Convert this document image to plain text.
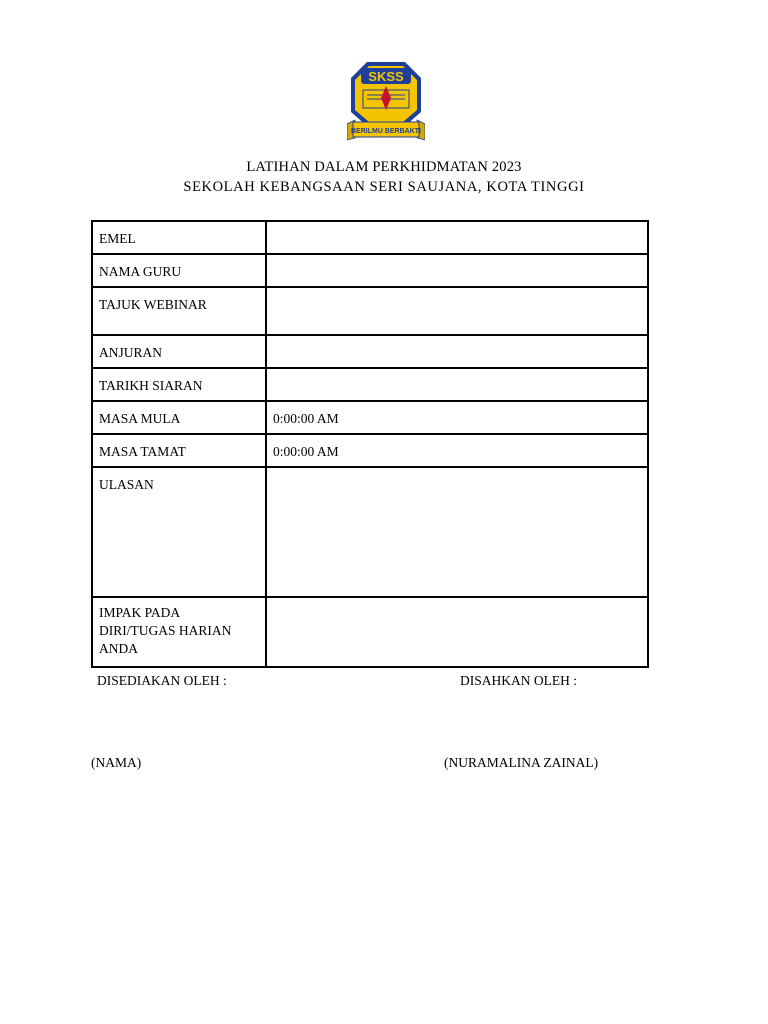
SKSS
BERILMU BERBAKTI
LATIHAN DALAM PERKHIDMATAN 2023
SEKOLAH KEBANGSAAN SERI SAUJANA, KOTA TINGGI
EMEL	
NAMA GURU	
TAJUK WEBINAR	
ANJURAN	
TARIKH SIARAN	
MASA MULA	0:00:00 AM
MASA TAMAT	0:00:00 AM
ULASAN	

IMPAK PADA
DIRI/TUGAS HARIAN
ANDA	

DISEDIAKAN OLEH :	DISAHKAN OLEH :
(NAMA)	(NURAMALINA ZAINAL)
